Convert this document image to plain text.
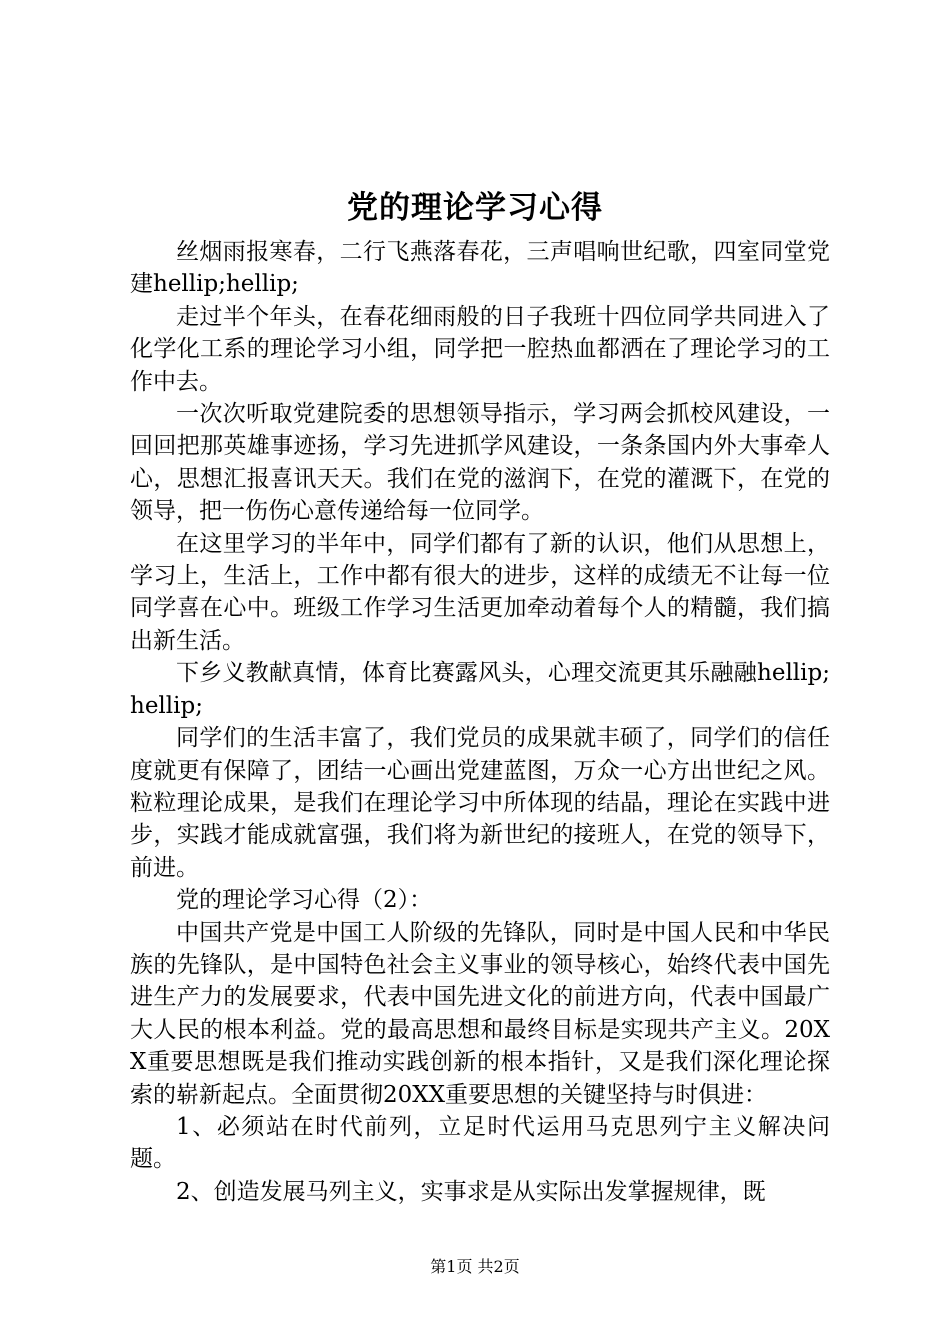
党的理论学习心得

丝烟雨报寒春，二行飞燕落春花，三声唱响世纪歌，四室同堂党建hellip;hellip;

走过半个年头，在春花细雨般的日子我班十四位同学共同进入了化学化工系的理论学习小组，同学把一腔热血都洒在了理论学习的工作中去。

一次次听取党建院委的思想领导指示，学习两会抓校风建设，一回回把那英雄事迹扬，学习先进抓学风建设，一条条国内外大事牵人心，思想汇报喜讯天天。我们在党的滋润下，在党的灌溉下，在党的领导，把一伤伤心意传递给每一位同学。

在这里学习的半年中，同学们都有了新的认识，他们从思想上，学习上，生活上，工作中都有很大的进步，这样的成绩无不让每一位同学喜在心中。班级工作学习生活更加牵动着每个人的精髓，我们搞出新生活。

下乡义教献真情，体育比赛露风头，心理交流更其乐融融hellip;hellip;

同学们的生活丰富了，我们党员的成果就丰硕了，同学们的信任度就更有保障了，团结一心画出党建蓝图，万众一心方出世纪之风。粒粒理论成果，是我们在理论学习中所体现的结晶，理论在实践中进步，实践才能成就富强，我们将为新世纪的接班人，在党的领导下，前进。

党的理论学习心得（2）：

中国共产党是中国工人阶级的先锋队，同时是中国人民和中华民族的先锋队，是中国特色社会主义事业的领导核心，始终代表中国先进生产力的发展要求，代表中国先进文化的前进方向，代表中国最广大人民的根本利益。党的最高思想和最终目标是实现共产主义。20XX重要思想既是我们推动实践创新的根本指针，又是我们深化理论探索的崭新起点。全面贯彻20XX重要思想的关键坚持与时俱进：

1、必须站在时代前列，立足时代运用马克思列宁主义解决问题。

2、创造发展马列主义，实事求是从实际出发掌握规律，既

第1页 共2页
